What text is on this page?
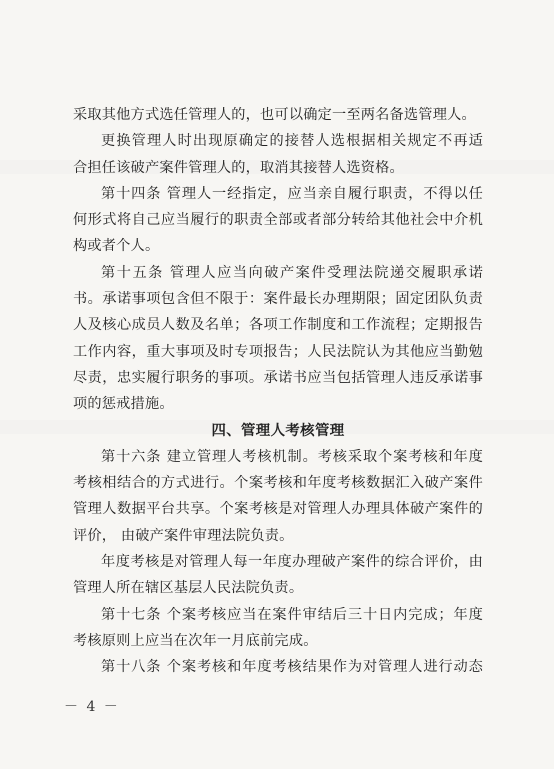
采取其他方式选任管理人的，也可以确定一至两名备选管理人。
更换管理人时出现原确定的接替人选根据相关规定不再适
合担任该破产案件管理人的，取消其接替人选资格。
第十四条 管理人一经指定，应当亲自履行职责，不得以任
何形式将自己应当履行的职责全部或者部分转给其他社会中介机
构或者个人。
第十五条 管理人应当向破产案件受理法院递交履职承诺
书。承诺事项包含但不限于：案件最长办理期限；固定团队负责
人及核心成员人数及名单；各项工作制度和工作流程；定期报告
工作内容，重大事项及时专项报告；人民法院认为其他应当勤勉
尽责，忠实履行职务的事项。承诺书应当包括管理人违反承诺事
项的惩戒措施。
四、管理人考核管理
第十六条 建立管理人考核机制。考核采取个案考核和年度
考核相结合的方式进行。个案考核和年度考核数据汇入破产案件
管理人数据平台共享。个案考核是对管理人办理具体破产案件的
评价， 由破产案件审理法院负责。
年度考核是对管理人每一年度办理破产案件的综合评价，由
管理人所在辖区基层人民法院负责。
第十七条 个案考核应当在案件审结后三十日内完成；年度
考核原则上应当在次年一月底前完成。
第十八条 个案考核和年度考核结果作为对管理人进行动态
－ 4 －
